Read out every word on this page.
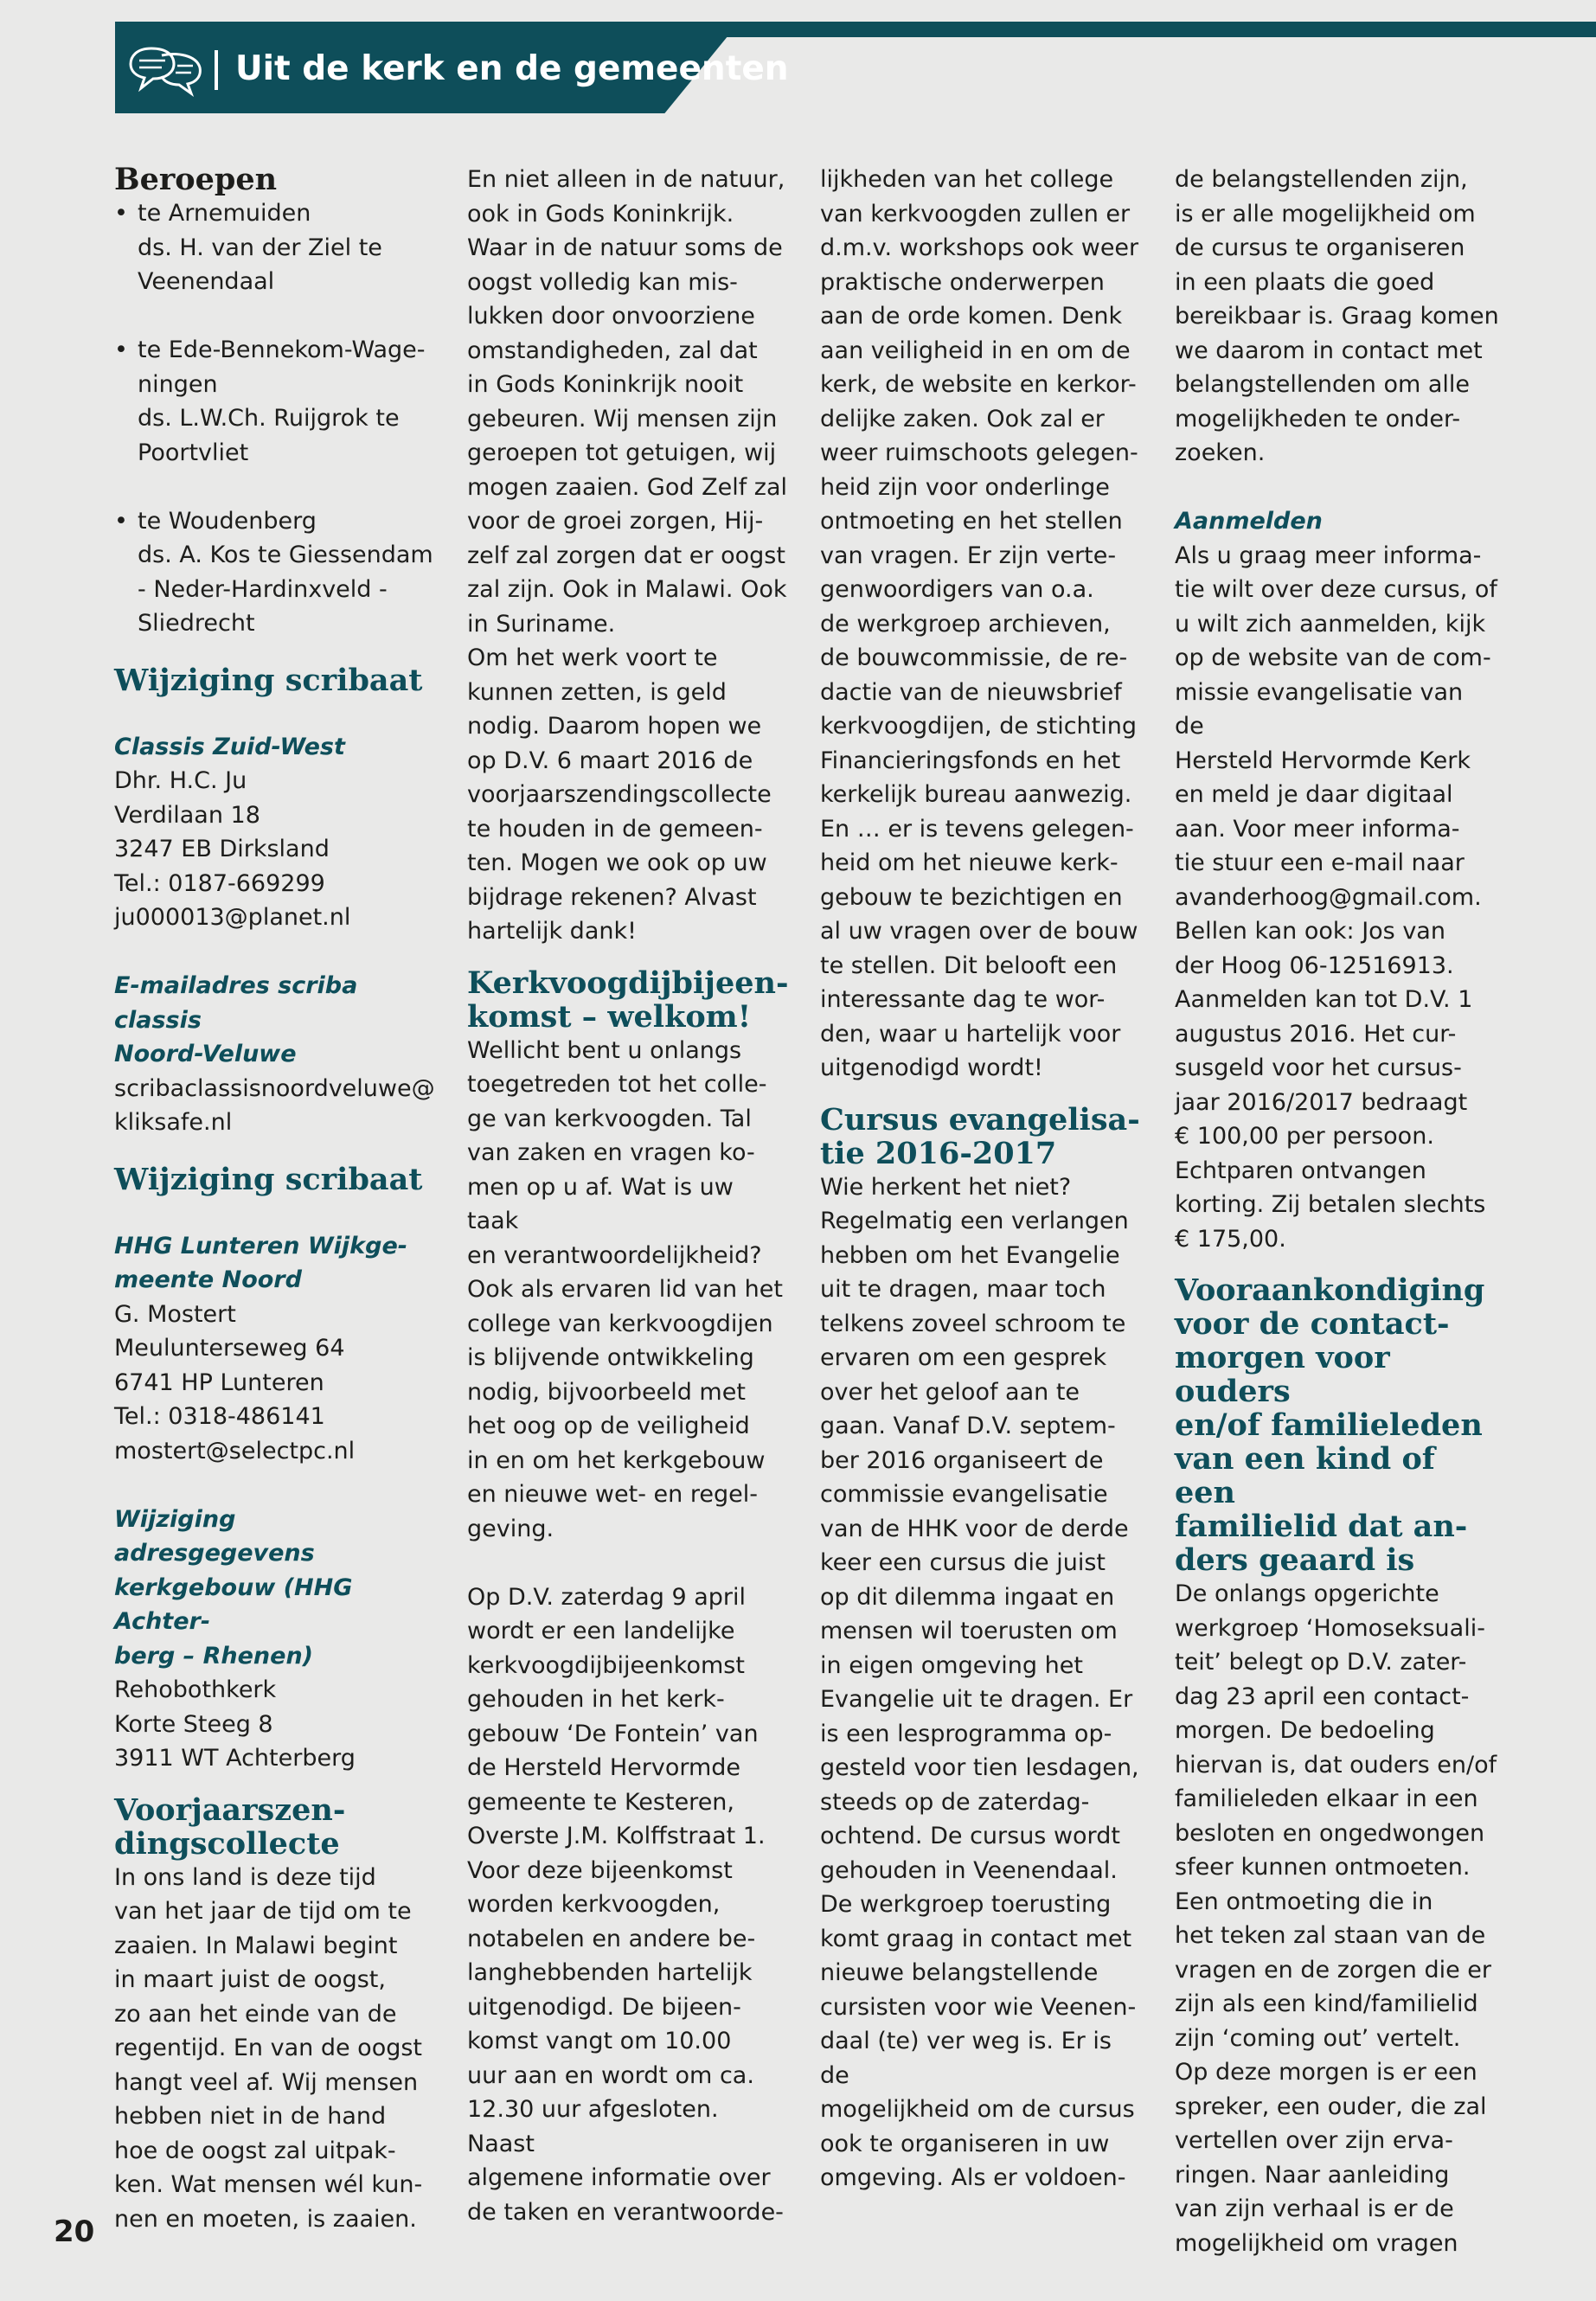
Uit de kerk en de gemeenten
Beroepen
• te Arnemuiden

ds. H. van der Ziel te

Veenendaal

• te Ede-Bennekom-Wage-

ningen

ds. L.W.Ch. Ruijgrok te

Poortvliet

• te Woudenberg

ds. A. Kos te Giessendam

- Neder-Hardinxveld -

Sliedrecht

Wijziging scribaat

Classis Zuid-West

Dhr. H.C. Ju

Verdilaan 18

3247 EB Dirksland

Tel.: 0187-669299

ju000013@planet.nl

E-mailadres scriba classis

Noord-Veluwe

scribaclassisnoordveluwe@

kliksafe.nl

Wijziging scribaat

HHG Lunteren Wijkge-

meente Noord

G. Mostert

Meulunterseweg 64

6741 HP Lunteren

Tel.: 0318-486141

mostert@selectpc.nl

Wijziging adresgegevens

kerkgebouw (HHG Achter-

berg – Rhenen)

Rehobothkerk

Korte Steeg 8

3911 WT Achterberg

Voorjaarszen-
dingscollecte

In ons land is deze tijd

van het jaar de tijd om te

zaaien. In Malawi begint

in maart juist de oogst,

zo aan het einde van de

regentijd. En van de oogst

hangt veel af. Wij mensen

hebben niet in de hand

hoe de oogst zal uitpak-

ken. Wat mensen wél kun-

nen en moeten, is zaaien.

En niet alleen in de natuur,

ook in Gods Koninkrijk.

Waar in de natuur soms de

oogst volledig kan mis-

lukken door onvoorziene

omstandigheden, zal dat

in Gods Koninkrijk nooit

gebeuren. Wij mensen zijn

geroepen tot getuigen, wij

mogen zaaien. God Zelf zal

voor de groei zorgen, Hij-

zelf zal zorgen dat er oogst

zal zijn. Ook in Malawi. Ook

in Suriname.

Om het werk voort te

kunnen zetten, is geld

nodig. Daarom hopen we

op D.V. 6 maart 2016 de

voorjaarszendingscollecte

te houden in de gemeen-

ten. Mogen we ook op uw

bijdrage rekenen? Alvast

hartelijk dank!

Kerkvoogdijbijeen-
komst – welkom!

Wellicht bent u onlangs

toegetreden tot het colle-

ge van kerkvoogden. Tal

van zaken en vragen ko-

men op u af. Wat is uw taak

en verantwoordelijkheid?

Ook als ervaren lid van het

college van kerkvoogdijen

is blijvende ontwikkeling

nodig, bijvoorbeeld met

het oog op de veiligheid

in en om het kerkgebouw

en nieuwe wet- en regel-

geving.

Op D.V. zaterdag 9 april

wordt er een landelijke

kerkvoogdijbijeenkomst

gehouden in het kerk-

gebouw ‘De Fontein’ van

de Hersteld Hervormde

gemeente te Kesteren,

Overste J.M. Kolffstraat 1.

Voor deze bijeenkomst

worden kerkvoogden,

notabelen en andere be-

langhebbenden hartelijk

uitgenodigd. De bijeen-

komst vangt om 10.00

uur aan en wordt om ca.

12.30 uur afgesloten. Naast

algemene informatie over

de taken en verantwoorde-

lijkheden van het college

van kerkvoogden zullen er

d.m.v. workshops ook weer

praktische onderwerpen

aan de orde komen. Denk

aan veiligheid in en om de

kerk, de website en kerkor-

delijke zaken. Ook zal er

weer ruimschoots gelegen-

heid zijn voor onderlinge

ontmoeting en het stellen

van vragen. Er zijn verte-

genwoordigers van o.a.

de werkgroep archieven,

de bouwcommissie, de re-

dactie van de nieuwsbrief

kerkvoogdijen, de stichting

Financieringsfonds en het

kerkelijk bureau aanwezig.

En … er is tevens gelegen-

heid om het nieuwe kerk-

gebouw te bezichtigen en

al uw vragen over de bouw

te stellen. Dit belooft een

interessante dag te wor-

den, waar u hartelijk voor

uitgenodigd wordt!

Cursus evangelisa-
tie 2016-2017

Wie herkent het niet?

Regelmatig een verlangen

hebben om het Evangelie

uit te dragen, maar toch

telkens zoveel schroom te

ervaren om een gesprek

over het geloof aan te

gaan. Vanaf D.V. septem-

ber 2016 organiseert de

commissie evangelisatie

van de HHK voor de derde

keer een cursus die juist

op dit dilemma ingaat en

mensen wil toerusten om

in eigen omgeving het

Evangelie uit te dragen. Er

is een lesprogramma op-

gesteld voor tien lesdagen,

steeds op de zaterdag-

ochtend. De cursus wordt

gehouden in Veenendaal.

De werkgroep toerusting

komt graag in contact met

nieuwe belangstellende

cursisten voor wie Veenen-

daal (te) ver weg is. Er is de

mogelijkheid om de cursus

ook te organiseren in uw

omgeving. Als er voldoen-

de belangstellenden zijn,

is er alle mogelijkheid om

de cursus te organiseren

in een plaats die goed

bereikbaar is. Graag komen

we daarom in contact met

belangstellenden om alle

mogelijkheden te onder-

zoeken.

Aanmelden

Als u graag meer informa-

tie wilt over deze cursus, of

u wilt zich aanmelden, kijk

op de website van de com-

missie evangelisatie van de

Hersteld Hervormde Kerk

en meld je daar digitaal

aan. Voor meer informa-

tie stuur een e-mail naar

avanderhoog@gmail.com.

Bellen kan ook: Jos van

der Hoog 06-12516913.

Aanmelden kan tot D.V. 1

augustus 2016. Het cur-

susgeld voor het cursus-

jaar 2016/2017 bedraagt

€ 100,00 per persoon.

Echtparen ontvangen

korting. Zij betalen slechts

€ 175,00.

Vooraankondiging

voor de contact-

morgen voor ouders

en/of familieleden

van een kind of een

familielid dat an-

ders geaard is

De onlangs opgerichte

werkgroep ‘Homoseksuali-

teit’ belegt op D.V. zater-

dag 23 april een contact-

morgen. De bedoeling

hiervan is, dat ouders en/of

familieleden elkaar in een

besloten en ongedwongen

sfeer kunnen ontmoeten.

Een ontmoeting die in

het teken zal staan van de

vragen en de zorgen die er

zijn als een kind/familielid

zijn ‘coming out’ vertelt.

Op deze morgen is er een

spreker, een ouder, die zal

vertellen over zijn erva-

ringen. Naar aanleiding

van zijn verhaal is er de

mogelijkheid om vragen

20
